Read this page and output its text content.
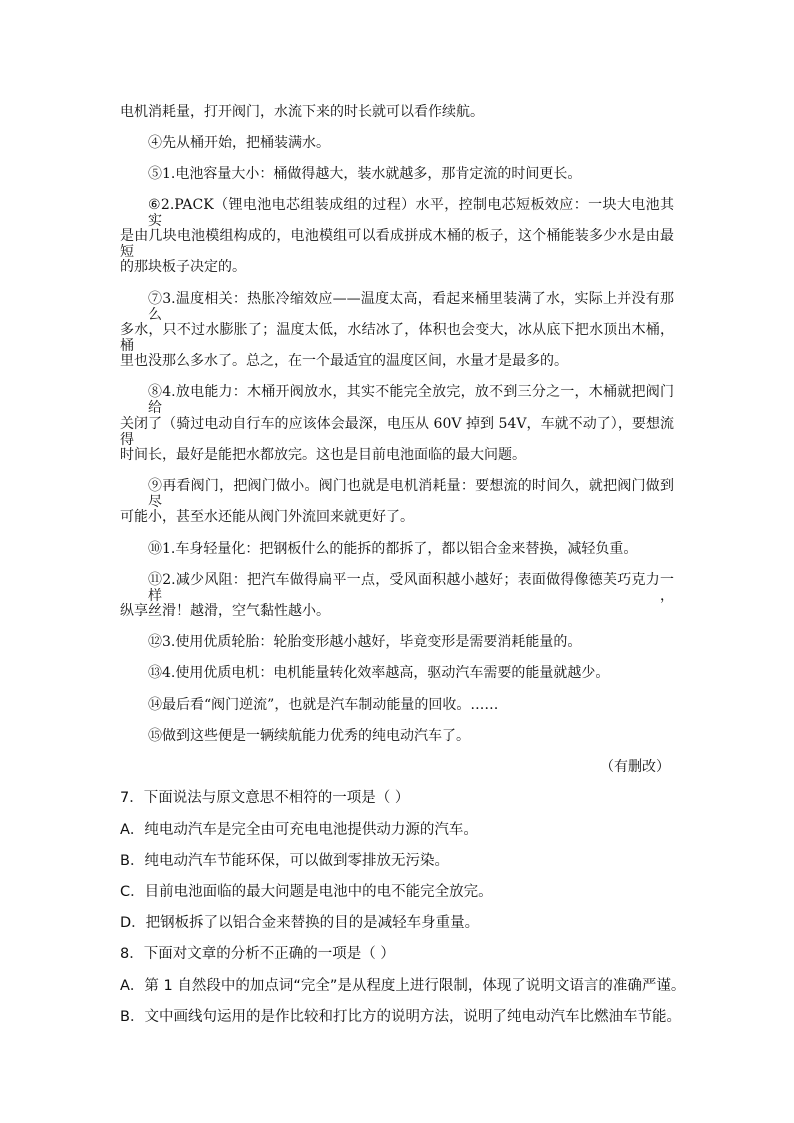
电机消耗量，打开阀门，水流下来的时长就可以看作续航。
④先从桶开始，把桶装满水。
⑤1.电池容量大小：桶做得越大，装水就越多，那肯定流的时间更长。
⑥2.PACK（锂电池电芯组装成组的过程）水平，控制电芯短板效应：一块大电池其实
是由几块电池模组构成的，电池模组可以看成拼成木桶的板子，这个桶能装多少水是由最短
的那块板子决定的。
⑦3.温度相关：热胀冷缩效应——温度太高，看起来桶里装满了水，实际上并没有那么
多水，只不过水膨胀了；温度太低，水结冰了，体积也会变大，冰从底下把水顶出木桶，桶
里也没那么多水了。总之，在一个最适宜的温度区间，水量才是最多的。
⑧4.放电能力：木桶开阀放水，其实不能完全放完，放不到三分之一，木桶就把阀门给
关闭了（骑过电动自行车的应该体会最深，电压从 60V 掉到 54V，车就不动了），要想流得
时间长，最好是能把水都放完。这也是目前电池面临的最大问题。
⑨再看阀门，把阀门做小。阀门也就是电机消耗量：要想流的时间久，就把阀门做到尽
可能小，甚至水还能从阀门外流回来就更好了。
⑩1.车身轻量化：把钢板什么的能拆的都拆了，都以铝合金来替换，减轻负重。
⑪2.减少风阻：把汽车做得扁平一点，受风面积越小越好；表面做得像德芙巧克力一样，
纵享丝滑！越滑，空气黏性越小。
⑫3.使用优质轮胎：轮胎变形越小越好，毕竟变形是需要消耗能量的。
⑬4.使用优质电机：电机能量转化效率越高，驱动汽车需要的能量就越少。
⑭最后看“阀门逆流”，也就是汽车制动能量的回收。……
⑮做到这些便是一辆续航能力优秀的纯电动汽车了。
（有删改）
7．下面说法与原文意思不相符的一项是（ ）
A．纯电动汽车是完全由可充电电池提供动力源的汽车。
B．纯电动汽车节能环保，可以做到零排放无污染。
C．目前电池面临的最大问题是电池中的电不能完全放完。
D．把钢板拆了以铝合金来替换的目的是减轻车身重量。
8．下面对文章的分析不正确的一项是（ ）
A．第 1 自然段中的加点词“完全”是从程度上进行限制，体现了说明文语言的准确严谨。
B．文中画线句运用的是作比较和打比方的说明方法，说明了纯电动汽车比燃油车节能。
